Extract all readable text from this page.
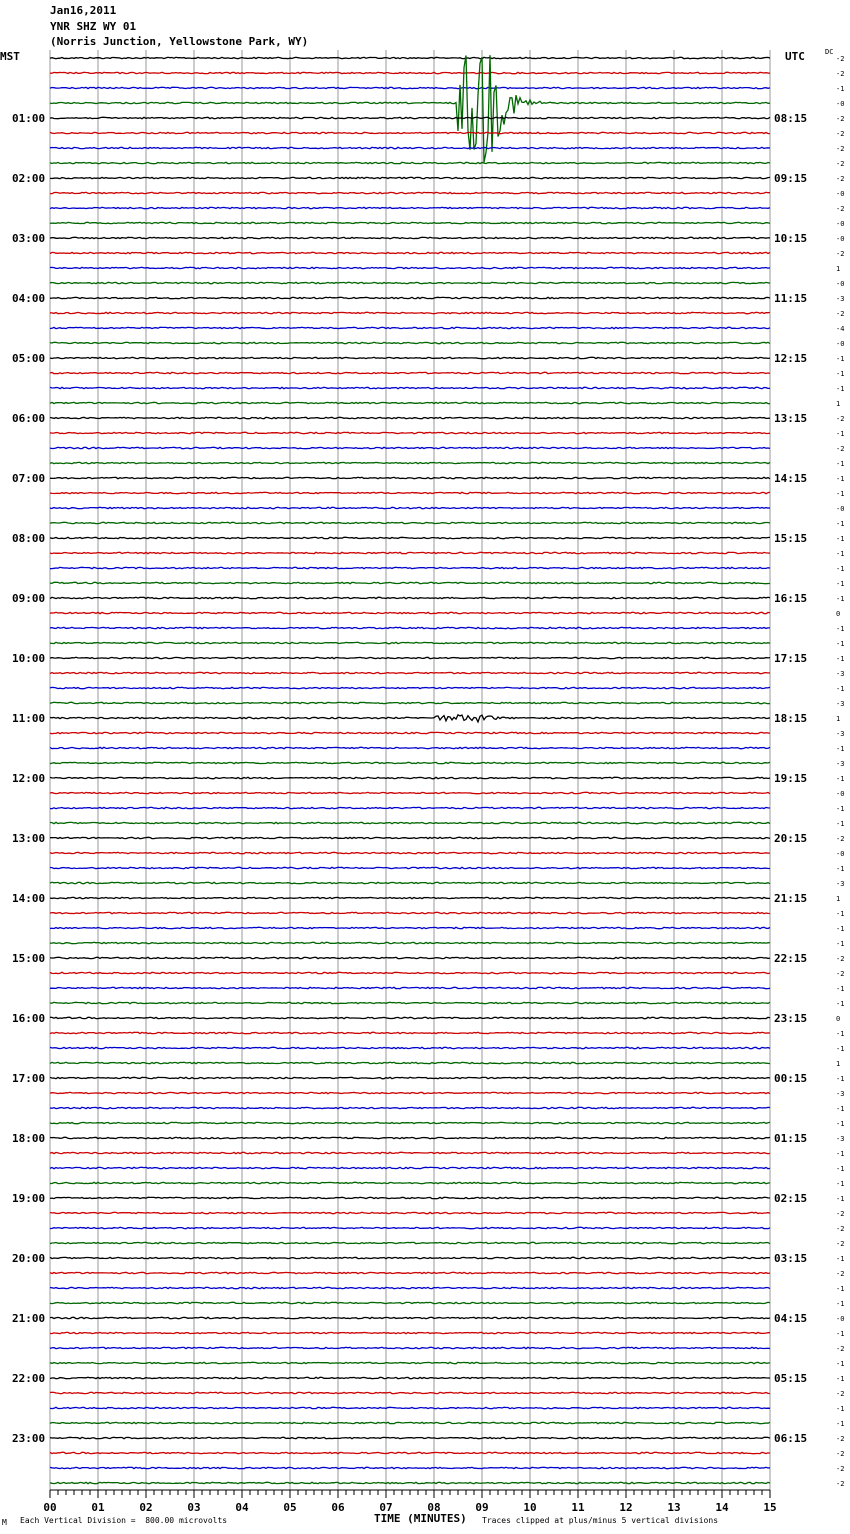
Jan16,2011
YNR SHZ WY 01
(Norris Junction, Yellowstone Park, WY)
MST	UTC	DC
01:00
02:00
03:00
04:00
05:00
06:00
07:00
08:00
09:00
10:00
11:00
12:00
13:00
14:00
15:00
16:00
17:00
18:00
19:00
20:00
21:00
22:00
23:00
08:15
09:15
10:15
11:15
12:15
13:15
14:15
15:15
16:15
17:15
18:15
19:15
20:15
21:15
22:15
23:15
00:15
01:15
02:15
03:15
04:15
05:15
06:15
-2
-2
-1
-0
-2
-2
-2
-2
-2
-0
-2
-0
-0
-2
1
-0
-3
-2
-4
-0
-1
-1
-1
1
-2
-1
-2
-1
-1
-1
-0
-1
-1
-1
-1
-1
-1
0
-1
-1
-1
-3
-1
-3
1
-3
-1
-3
-1
-0
-1
-1
-2
-0
-1
-3
1
-1
-1
-1
-2
-2
-1
-1
0
-1
-1
1
-1
-3
-1
-1
-3
-1
-1
-1
-1
-2
-2
-2
-1
-2
-1
-1
-0
-1
-2
-1
-1
-2
-1
-1
-2
-2
-2
-2
00	01	02	03	04	05	06	07	08	09	10	11	12	13	14	15
TIME (MINUTES)
Each Vertical Division =  800.00 microvolts	Traces clipped at plus/minus 5 vertical divisions
M
